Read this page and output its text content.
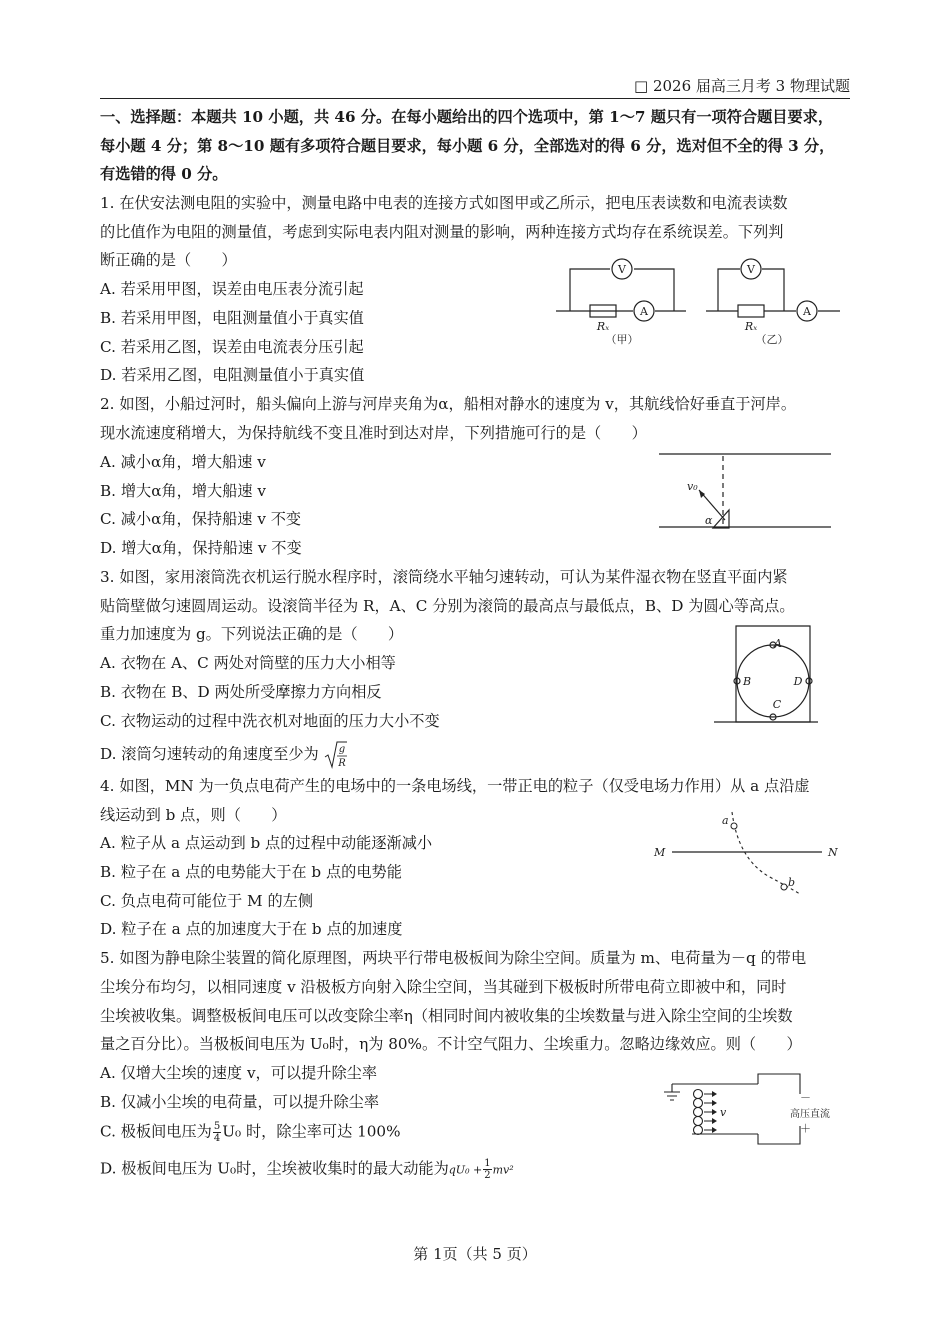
□ 2026 届高三月考 3 物理试题
一、选择题：本题共 10 小题，共 46 分。在每小题给出的四个选项中，第 1～7 题只有一项符合题目要求，
每小题 4 分；第 8～10 题有多项符合题目要求，每小题 6 分，全部选对的得 6 分，选对但不全的得 3 分，
有选错的得 0 分。
1. 在伏安法测电阻的实验中，测量电路中电表的连接方式如图甲或乙所示，把电压表读数和电流表读数
的比值作为电阻的测量值，考虑到实际电表内阻对测量的影响，两种连接方式均存在系统误差。下列判
断正确的是（　　）
A. 若采用甲图，误差由电压表分流引起
B. 若采用甲图，电阻测量值小于真实值
C. 若采用乙图，误差由电流表分压引起
D. 若采用乙图，电阻测量值小于真实值
V
A
Rₓ
（甲）
V
A
Rₓ
（乙）
2. 如图，小船过河时，船头偏向上游与河岸夹角为α，船相对静水的速度为 v，其航线恰好垂直于河岸。
现水流速度稍增大，为保持航线不变且准时到达对岸，下列措施可行的是（　　）
A. 减小α角，增大船速 v
B. 增大α角，增大船速 v
C. 减小α角，保持船速 v 不变
D. 增大α角，保持船速 v 不变
v₀
α
3. 如图，家用滚筒洗衣机运行脱水程序时，滚筒绕水平轴匀速转动，可认为某件湿衣物在竖直平面内紧
贴筒壁做匀速圆周运动。设滚筒半径为 R，A、C 分别为滚筒的最高点与最低点，B、D 为圆心等高点。
重力加速度为 g。下列说法正确的是（　　）
A. 衣物在 A、C 两处对筒壁的压力大小相等
B. 衣物在 B、D 两处所受摩擦力方向相反
C. 衣物运动的过程中洗衣机对地面的压力大小不变
D. 滚筒匀速转动的角速度至少为 g
R
A
C
B	D
4. 如图，MN 为一负点电荷产生的电场中的一条电场线，一带正电的粒子（仅受电场力作用）从 a 点沿虚
线运动到 b 点，则（　　）
A. 粒子从 a 点运动到 b 点的过程中动能逐渐减小
B. 粒子在 a 点的电势能大于在 b 点的电势能
C. 负点电荷可能位于 M 的左侧
D. 粒子在 a 点的加速度大于在 b 点的加速度
M	N
a
b
5. 如图为静电除尘装置的简化原理图，两块平行带电极板间为除尘空间。质量为 m、电荷量为－q 的带电
尘埃分布均匀，以相同速度 v 沿极板方向射入除尘空间，当其碰到下极板时所带电荷立即被中和，同时
尘埃被收集。调整极板间电压可以改变除尘率η（相同时间内被收集的尘埃数量与进入除尘空间的尘埃数
量之百分比）。当极板间电压为 U₀时，η为 80%。不计空气阻力、尘埃重力。忽略边缘效应。则（　　）
A. 仅增大尘埃的速度 v，可以提升除尘率
B. 仅减小尘埃的电荷量，可以提升除尘率
C. 极板间电压为 $\frac{5}{4} U_0$ 时，除尘率可达 100%
D. 极板间电压为 U₀时，尘埃被收集时的最大动能为$qU_0 + \frac{1}{2} mv^2$
v
－
高压直流
＋
第 1页（共 5 页）
